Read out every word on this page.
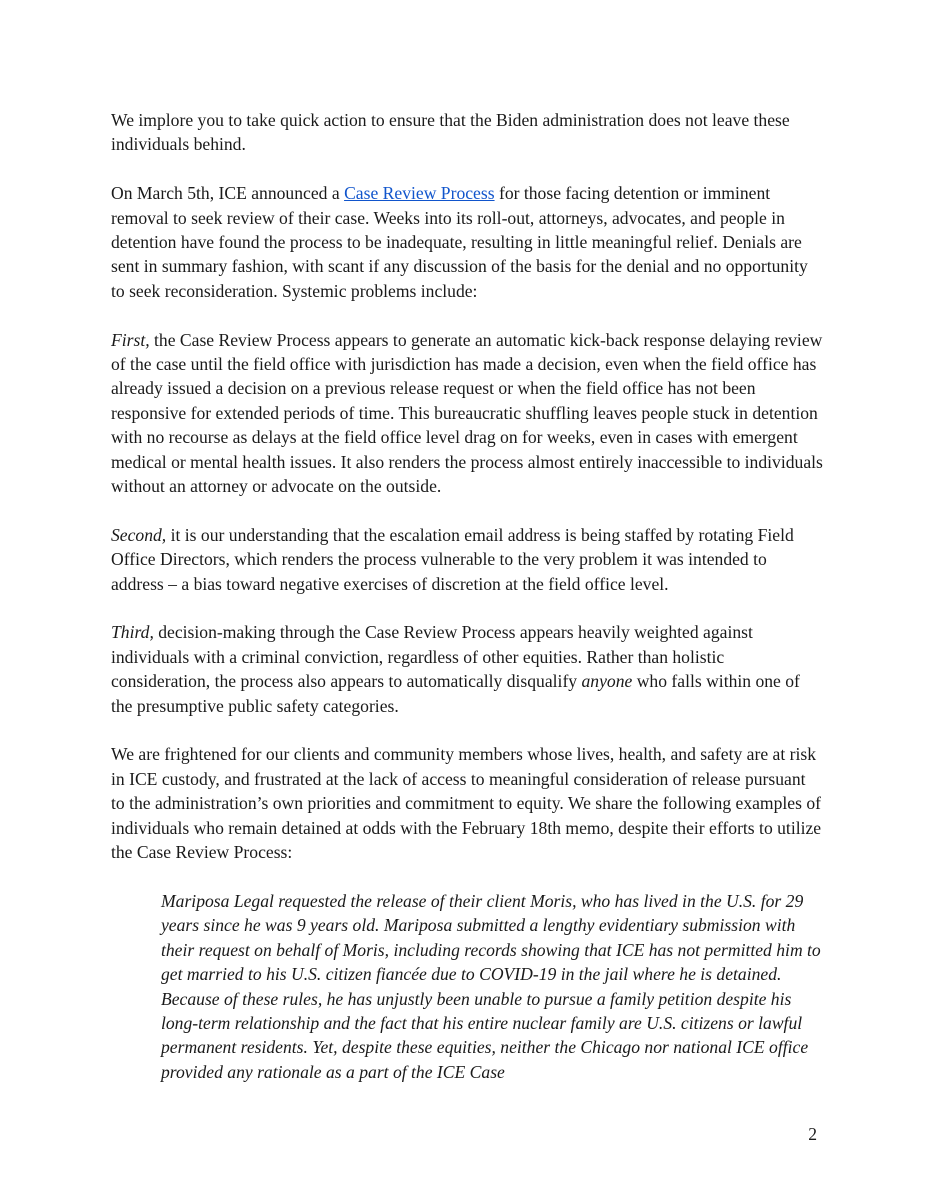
We implore you to take quick action to ensure that the Biden administration does not leave these individuals behind.

On March 5th, ICE announced a Case Review Process for those facing detention or imminent removal to seek review of their case. Weeks into its roll-out, attorneys, advocates, and people in detention have found the process to be inadequate, resulting in little meaningful relief. Denials are sent in summary fashion, with scant if any discussion of the basis for the denial and no opportunity to seek reconsideration. Systemic problems include:

First, the Case Review Process appears to generate an automatic kick-back response delaying review of the case until the field office with jurisdiction has made a decision, even when the field office has already issued a decision on a previous release request or when the field office has not been responsive for extended periods of time. This bureaucratic shuffling leaves people stuck in detention with no recourse as delays at the field office level drag on for weeks, even in cases with emergent medical or mental health issues. It also renders the process almost entirely inaccessible to individuals without an attorney or advocate on the outside.

Second, it is our understanding that the escalation email address is being staffed by rotating Field Office Directors, which renders the process vulnerable to the very problem it was intended to address – a bias toward negative exercises of discretion at the field office level.

Third, decision-making through the Case Review Process appears heavily weighted against individuals with a criminal conviction, regardless of other equities. Rather than holistic consideration, the process also appears to automatically disqualify anyone who falls within one of the presumptive public safety categories.

We are frightened for our clients and community members whose lives, health, and safety are at risk in ICE custody, and frustrated at the lack of access to meaningful consideration of release pursuant to the administration’s own priorities and commitment to equity. We share the following examples of individuals who remain detained at odds with the February 18th memo, despite their efforts to utilize the Case Review Process:

Mariposa Legal requested the release of their client Moris, who has lived in the U.S. for 29 years since he was 9 years old. Mariposa submitted a lengthy evidentiary submission with their request on behalf of Moris, including records showing that ICE has not permitted him to get married to his U.S. citizen fiancée due to COVID-19 in the jail where he is detained. Because of these rules, he has unjustly been unable to pursue a family petition despite his long-term relationship and the fact that his entire nuclear family are U.S. citizens or lawful permanent residents. Yet, despite these equities, neither the Chicago nor national ICE office provided any rationale as a part of the ICE Case

2
